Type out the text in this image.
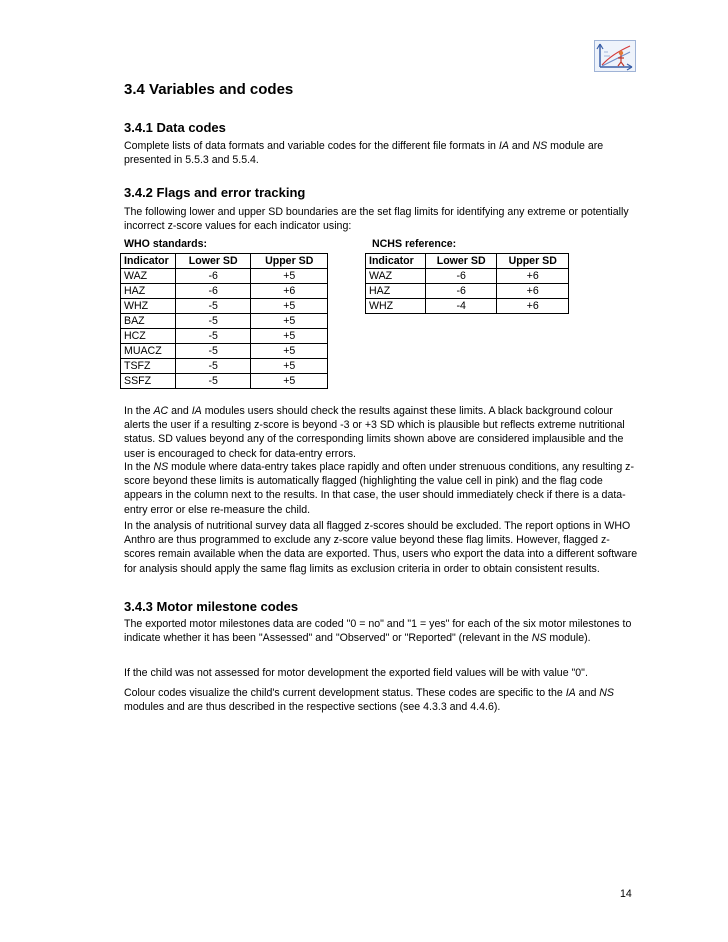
3.4 Variables and codes
3.4.1 Data codes
Complete lists of data formats and variable codes for the different file formats in IA and NS module are presented in 5.5.3 and 5.5.4.
3.4.2 Flags and error tracking
The following lower and upper SD boundaries are the set flag limits for identifying any extreme or potentially incorrect z-score values for each indicator using:
WHO standards:	NCHS reference:
Indicator	Lower SD	Upper SD
WAZ	-6	+5
HAZ	-6	+6
WHZ	-5	+5
BAZ	-5	+5
HCZ	-5	+5
MUACZ	-5	+5
TSFZ	-5	+5
SSFZ	-5	+5
Indicator	Lower SD	Upper SD
WAZ	-6	+6
HAZ	-6	+6
WHZ	-4	+6
In the AC and IA modules users should check the results against these limits. A black background colour alerts the user if a resulting z-score is beyond -3 or +3 SD which is plausible but reflects extreme nutritional status. SD values beyond any of the corresponding limits shown above are considered implausible and the user is encouraged to check for data-entry errors.
In the NS module where data-entry takes place rapidly and often under strenuous conditions, any resulting z-score beyond these limits is automatically flagged (highlighting the value cell in pink) and the flag code appears in the column next to the results. In that case, the user should immediately check if there is a data-entry error or else re-measure the child.
In the analysis of nutritional survey data all flagged z-scores should be excluded. The report options in WHO Anthro are thus programmed to exclude any z-score value beyond these flag limits. However, flagged z-scores remain available when the data are exported. Thus, users who export the data into a different software for analysis should apply the same flag limits as exclusion criteria in order to obtain consistent results.
3.4.3 Motor milestone codes
The exported motor milestones data are coded "0 = no" and "1 = yes" for each of the six motor milestones to indicate whether it has been "Assessed" and "Observed" or "Reported" (relevant in the NS module).
If the child was not assessed for motor development the exported field values will be with value "0".
Colour codes visualize the child's current development status. These codes are specific to the IA and NS modules and are thus described in the respective sections (see 4.3.3 and 4.4.6).
14
